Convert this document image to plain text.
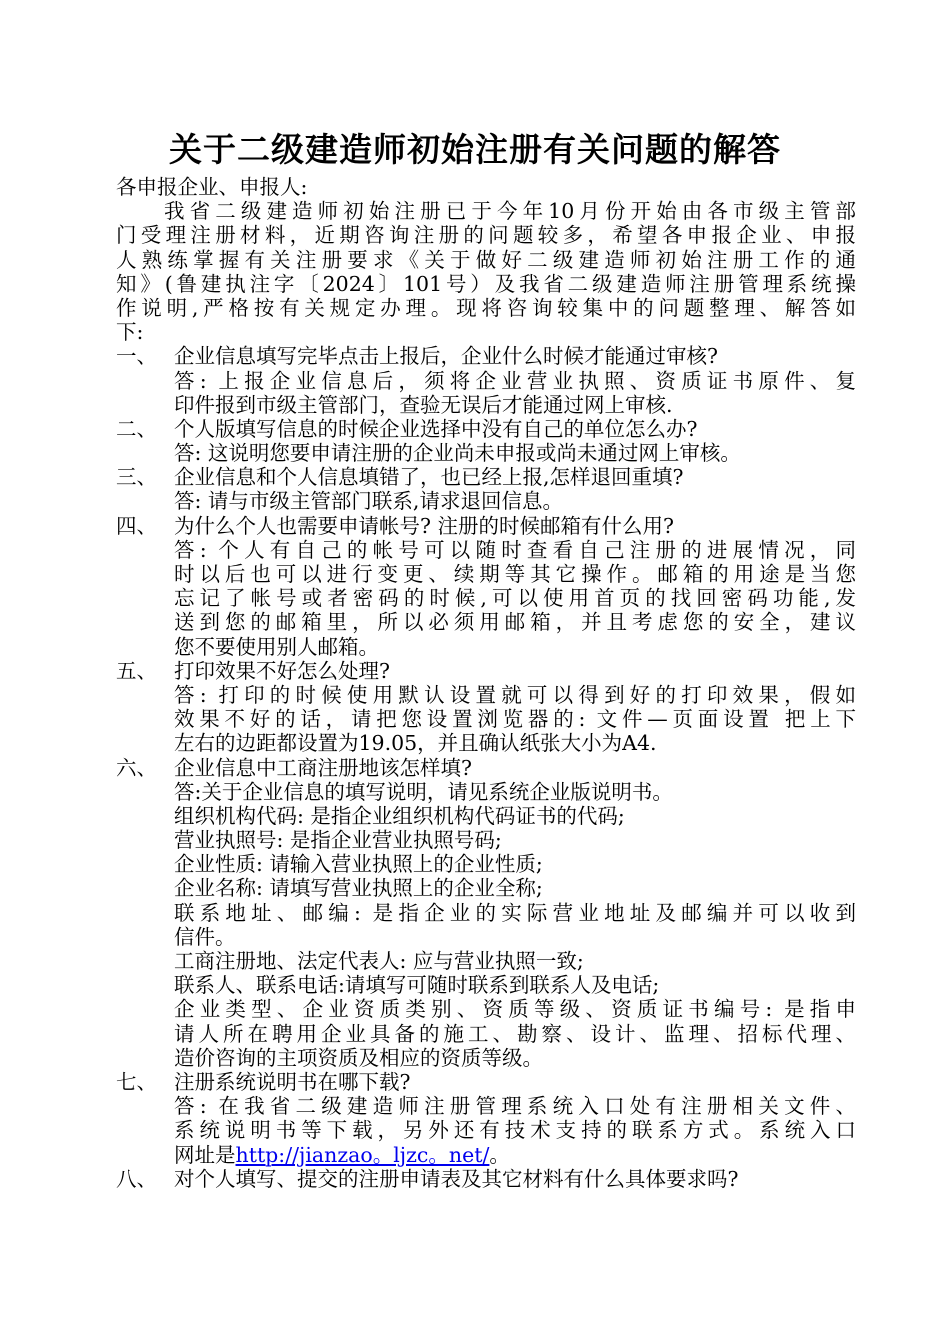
关于二级建造师初始注册有关问题的解答
各申报企业、申报人:
我省二级建造师初始注册已于今年10月份开始由各市级主管部
门受理注册材料，近期咨询注册的问题较多，希望各申报企业、申报
人熟练掌握有关注册要求《关于做好二级建造师初始注册工作的通
知》(鲁建执注字〔2024〕101号）及我省二级建造师注册管理系统操
作说明,严格按有关规定办理。现将咨询较集中的问题整理、解答如
下:
一、 企业信息填写完毕点击上报后，企业什么时候才能通过审核?
答: 上报企业信息后，须将企业营业执照、资质证书原件、复
印件报到市级主管部门，查验无误后才能通过网上审核.
二、 个人版填写信息的时候企业选择中没有自己的单位怎么办?
答: 这说明您要申请注册的企业尚未申报或尚未通过网上审核。
三、 企业信息和个人信息填错了，也已经上报,怎样退回重填?
答: 请与市级主管部门联系,请求退回信息。
四、 为什么个人也需要申请帐号? 注册的时候邮箱有什么用?
答: 个人有自己的帐号可以随时查看自己注册的进展情况，同
时以后也可以进行变更、续期等其它操作。邮箱的用途是当您
忘记了帐号或者密码的时候,可以使用首页的找回密码功能,发
送到您的邮箱里，所以必须用邮箱，并且考虑您的安全，建议
您不要使用别人邮箱。
五、 打印效果不好怎么处理?
答: 打印的时候使用默认设置就可以得到好的打印效果，假如
效果不好的话，请把您设置浏览器的: 文件—页面设置 把上下
左右的边距都设置为19.05，并且确认纸张大小为A4.
六、 企业信息中工商注册地该怎样填?
答:关于企业信息的填写说明，请见系统企业版说明书。
组织机构代码: 是指企业组织机构代码证书的代码;
营业执照号: 是指企业营业执照号码;
企业性质: 请输入营业执照上的企业性质;
企业名称: 请填写营业执照上的企业全称;
联系地址、邮编: 是指企业的实际营业地址及邮编并可以收到
信件。
工商注册地、法定代表人: 应与营业执照一致;
联系人、联系电话:请填写可随时联系到联系人及电话;
企业类型、企业资质类别、资质等级、资质证书编号: 是指申
请人所在聘用企业具备的施工、勘察、设计、监理、招标代理、
造价咨询的主项资质及相应的资质等级。
七、 注册系统说明书在哪下载?
答: 在我省二级建造师注册管理系统入口处有注册相关文件、
系统说明书等下载，另外还有技术支持的联系方式。系统入口
网址是http://jianzao。ljzc。net/。
八、 对个人填写、提交的注册申请表及其它材料有什么具体要求吗?
